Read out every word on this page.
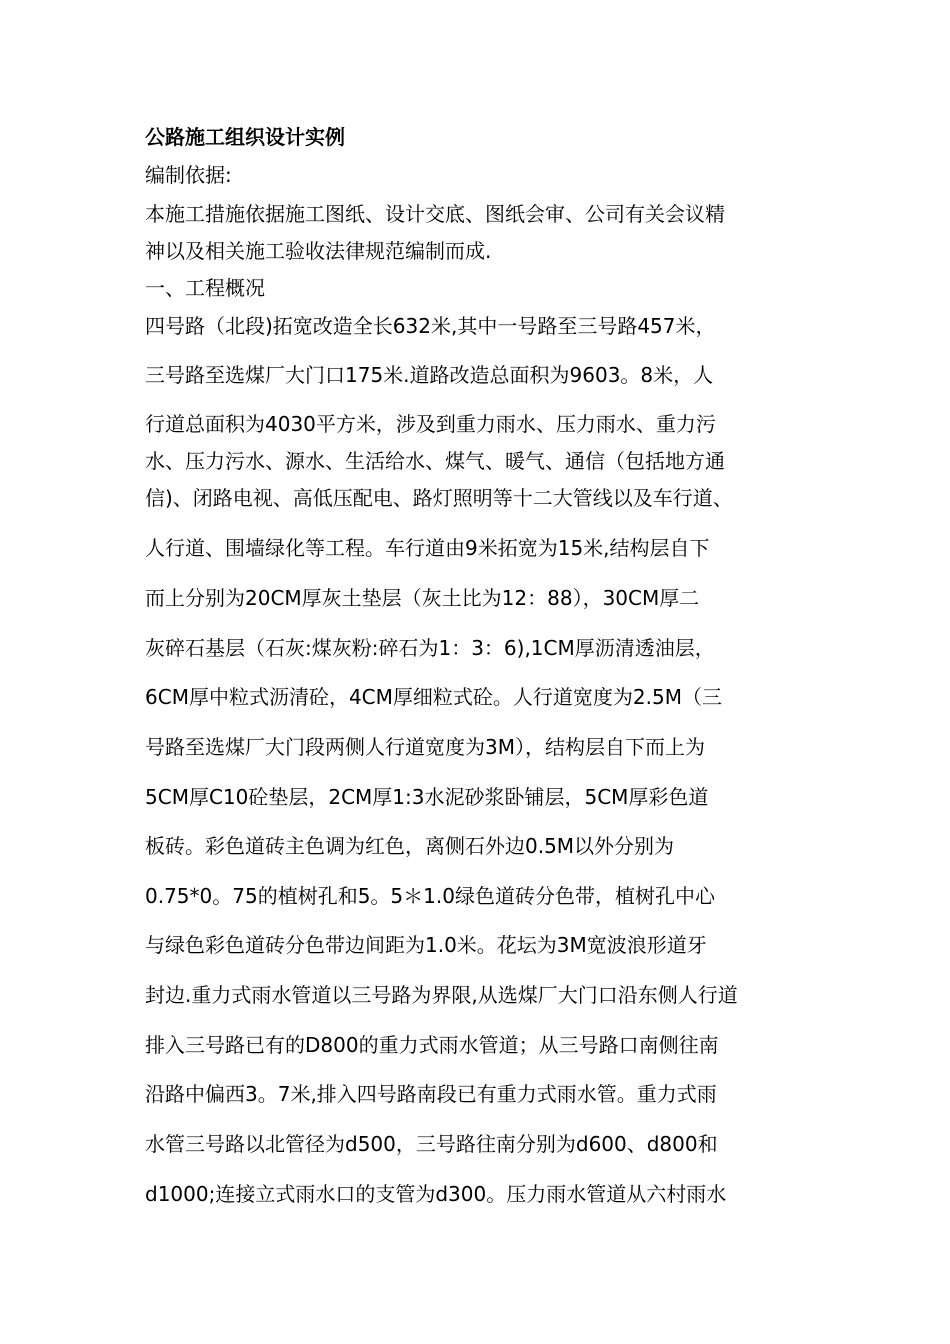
公路施工组织设计实例
编制依据:
本施工措施依据施工图纸、设计交底、图纸会审、公司有关会议精
神以及相关施工验收法律规范编制而成.
一、工程概况
四号路（北段)拓宽改造全长632米,其中一号路至三号路457米，
三号路至选煤厂大门口175米.道路改造总面积为9603。8米，人
行道总面积为4030平方米，涉及到重力雨水、压力雨水、重力污
水、压力污水、源水、生活给水、煤气、暖气、通信（包括地方通
信)、闭路电视、高低压配电、路灯照明等十二大管线以及车行道、
人行道、围墙绿化等工程。车行道由9米拓宽为15米,结构层自下
而上分别为20CM厚灰土垫层（灰土比为12：88），30CM厚二
灰碎石基层（石灰:煤灰粉:碎石为1：3：6),1CM厚沥清透油层，
6CM厚中粒式沥清砼，4CM厚细粒式砼。人行道宽度为2.5M（三
号路至选煤厂大门段两侧人行道宽度为3M），结构层自下而上为
5CM厚C10砼垫层，2CM厚1:3水泥砂浆卧铺层，5CM厚彩色道
板砖。彩色道砖主色调为红色，离侧石外边0.5M以外分别为
0.75*0。75的植树孔和5。5＊1.0绿色道砖分色带，植树孔中心
与绿色彩色道砖分色带边间距为1.0米。花坛为3M宽波浪形道牙
封边.重力式雨水管道以三号路为界限,从选煤厂大门口沿东侧人行道
排入三号路已有的D800的重力式雨水管道；从三号路口南侧往南
沿路中偏西3。7米,排入四号路南段已有重力式雨水管。重力式雨
水管三号路以北管径为d500，三号路往南分别为d600、d800和
d1000;连接立式雨水口的支管为d300。压力雨水管道从六村雨水
